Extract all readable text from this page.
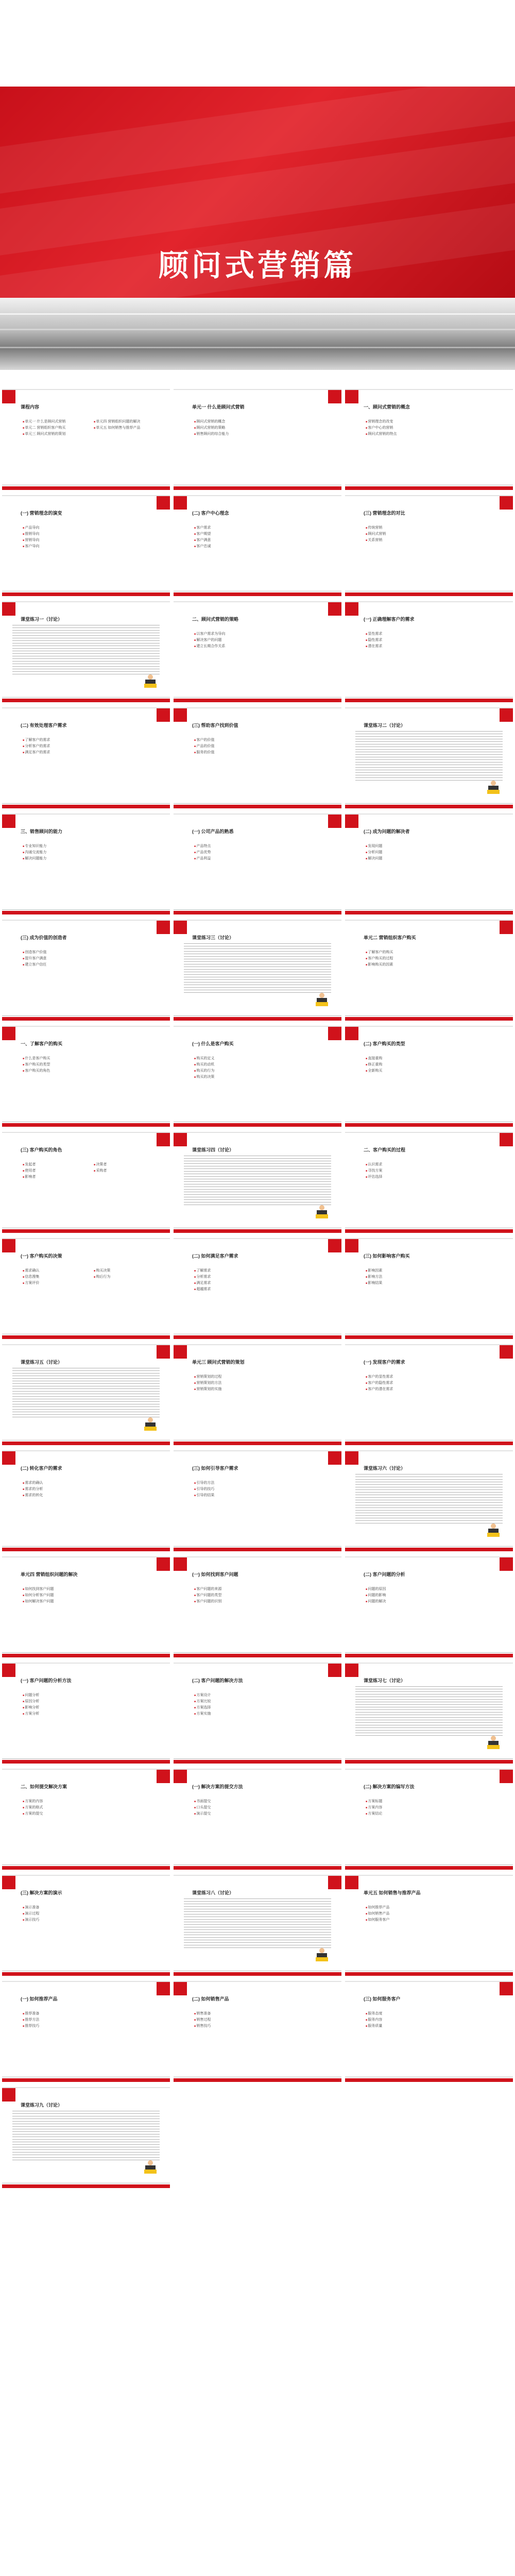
顾问式营销篇
课程内容
■ 单元一 什么是顾问式营销
■ 单元二 营销组织客户购买
■ 单元三 顾问式营销的策划
■ 单元四 营销组织问题的解决
■ 单元五 如何销售与推荐产品
单元一 什么是顾问式营销
■ 顾问式营销的概念
■ 顾问式营销的策略
■ 销售顾问的综合能力
一、顾问式营销的概念
■ 营销理念的改变
■ 客户中心的营销
■ 顾问式营销的特点
(一) 营销理念的演变
■ 产品导向
■ 推销导向
■ 营销导向
■ 客户导向
(二) 客户中心理念
■ 客户需求
■ 客户期望
■ 客户满意
■ 客户忠诚
(三) 营销理念的对比
■ 传统营销
■ 顾问式营销
■ 关系营销
课堂练习一（讨论）	二、顾问式营销的策略
■ 以客户需求为导向
■ 解决客户的问题
■ 建立长期合作关系
(一) 正确理解客户的需求
■ 显性需求
■ 隐性需求
■ 潜在需求
(二) 有效处理客户需求
■ 了解客户的需求
■ 分析客户的需求
■ 满足客户的需求
(三) 帮助客户找到价值
■ 客户的价值
■ 产品的价值
■ 服务的价值
课堂练习二（讨论）
三、销售顾问的能力
■ 专业知识能力
■ 沟通交流能力
■ 解决问题能力
(一) 公司产品的熟悉
■ 产品特点
■ 产品优势
■ 产品利益
(二) 成为问题的解决者
■ 发现问题
■ 分析问题
■ 解决问题
(三) 成为价值的创造者
■ 创造客户价值
■ 提升客户满意
■ 建立客户信任
课堂练习三（讨论）	单元二 营销组织客户购买
■ 了解客户的购买
■ 客户购买的过程
■ 影响购买的因素
一、了解客户的购买
■ 什么是客户购买
■ 客户购买的类型
■ 客户购买的角色
(一) 什么是客户购买
■ 购买的定义
■ 购买的动机
■ 购买的行为
■ 购买的决策
(二) 客户购买的类型
■ 直接重购
■ 修正重购
■ 全新购买
(三) 客户购买的角色
■ 发起者
■ 使用者
■ 影响者
■ 决策者
■ 采购者
课堂练习四（讨论）	二、客户购买的过程
■ 认识需求
■ 寻找方案
■ 评估选择
(一) 客户购买的决策
■ 需求确认
■ 信息搜集
■ 方案评价
■ 购买决策
■ 购后行为
(二) 如何满足客户需求
■ 了解需求
■ 分析需求
■ 满足需求
■ 超越需求
(三) 如何影响客户购买
■ 影响因素
■ 影响方法
■ 影响结果
课堂练习五（讨论）	单元三 顾问式营销的策划
■ 营销策划的过程
■ 营销策划的方法
■ 营销策划的实施
(一) 发现客户的需求
■ 客户的显性需求
■ 客户的隐性需求
■ 客户的潜在需求
(二) 转化客户的需求
■ 需求的确认
■ 需求的分析
■ 需求的转化
(三) 如何引导客户需求
■ 引导的方法
■ 引导的技巧
■ 引导的结果
课堂练习六（讨论）
单元四 营销组织问题的解决
■ 如何找到客户问题
■ 如何分析客户问题
■ 如何解决客户问题
(一) 如何找到客户问题
■ 客户问题的来源
■ 客户问题的类型
■ 客户问题的识别
(二) 客户问题的分析
■ 问题的原因
■ 问题的影响
■ 问题的解决
(一) 客户问题的分析方法
■ 问题分析
■ 原因分析
■ 影响分析
■ 方案分析
(二) 客户问题的解决方法
■ 方案设计
■ 方案比较
■ 方案选择
■ 方案实施
课堂练习七（讨论）
二、如何提交解决方案
■ 方案的内容
■ 方案的格式
■ 方案的提交
(一) 解决方案的提交方法
■ 书面提交
■ 口头提交
■ 演示提交
(二) 解决方案的编写方法
■ 方案标题
■ 方案内容
■ 方案结论
(三) 解决方案的演示
■ 演示准备
■ 演示过程
■ 演示技巧
课堂练习八（讨论）	单元五 如何销售与推荐产品
■ 如何推荐产品
■ 如何销售产品
■ 如何服务客户
(一) 如何推荐产品
■ 推荐准备
■ 推荐方法
■ 推荐技巧
(二) 如何销售产品
■ 销售准备
■ 销售过程
■ 销售技巧
(三) 如何服务客户
■ 服务态度
■ 服务内容
■ 服务质量
课堂练习九（讨论）
